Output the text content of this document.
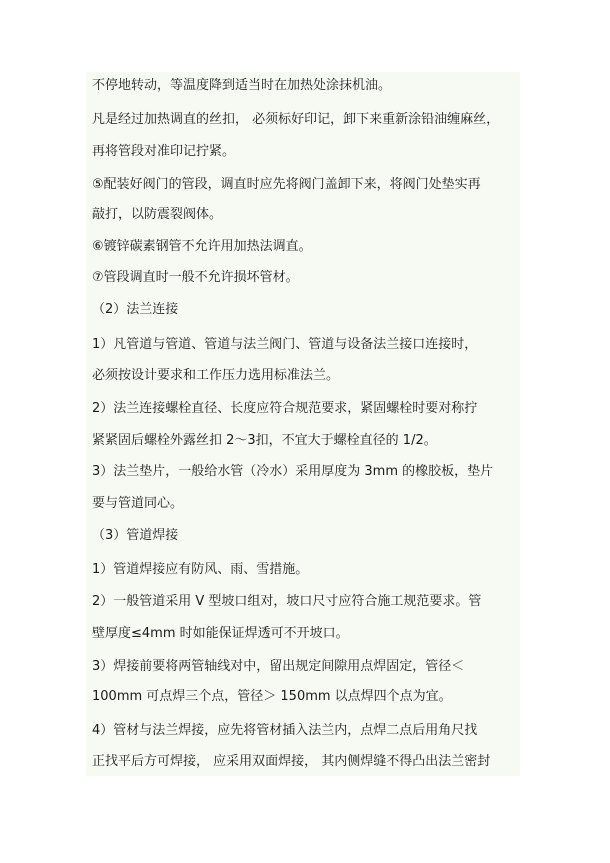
不停地转动，等温度降到适当时在加热处涂抹机油。
凡是经过加热调直的丝扣， 必须标好印记，卸下来重新涂铅油缠麻丝，
再将管段对准印记拧紧。
⑤配装好阀门的管段，调直时应先将阀门盖卸下来，将阀门处垫实再
敲打，以防震裂阀体。
⑥镀锌碳素钢管不允许用加热法调直。
⑦管段调直时一般不允许损坏管材。
（2）法兰连接
1）凡管道与管道、管道与法兰阀门、管道与设备法兰接口连接时，
必须按设计要求和工作压力选用标准法兰。
2）法兰连接螺栓直径、长度应符合规范要求，紧固螺栓时要对称拧
紧紧固后螺栓外露丝扣 2～3扣，不宜大于螺栓直径的 1/2。
3）法兰垫片，一般给水管（冷水）采用厚度为 3mm 的橡胶板，垫片
要与管道同心。
（3）管道焊接
1）管道焊接应有防风、雨、雪措施。
2）一般管道采用 V 型坡口组对，坡口尺寸应符合施工规范要求。管
壁厚度≤4mm 时如能保证焊透可不开坡口。
3）焊接前要将两管轴线对中，留出规定间隙用点焊固定，管径＜
100mm 可点焊三个点，管径＞ 150mm 以点焊四个点为宜。
4）管材与法兰焊接，应先将管材插入法兰内，点焊二点后用角尺找
正找平后方可焊接， 应采用双面焊接， 其内侧焊缝不得凸出法兰密封
